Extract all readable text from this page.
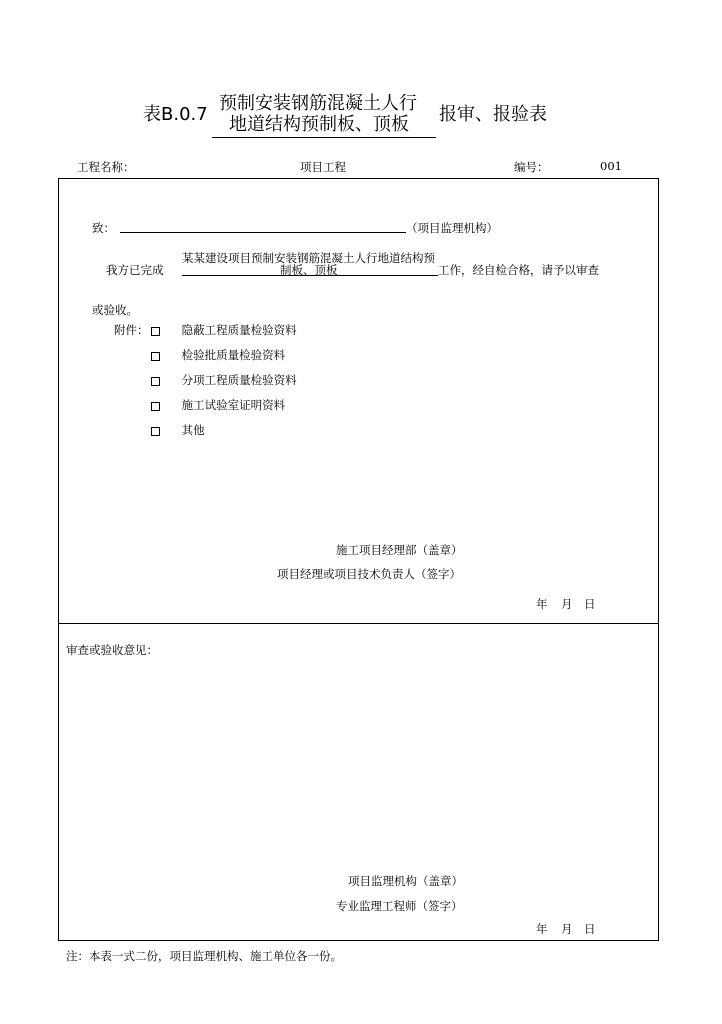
表B.0.7
预制安装钢筋混凝土人行
地道结构预制板、顶板 报审、报验表
工程名称：	项目工程	编号：	001
致：	（项目监理机构）
我方已完成
某某建设项目预制安装钢筋混凝土人行地道结构预
制板、顶板	工作，经自检合格，请予以审查
或验收。
附件：	隐蔽工程质量检验资料
检验批质量检验资料
分项工程质量检验资料
施工试验室证明资料
其他
施工项目经理部（盖章）
项目经理或项目技术负责人（签字）
年 月 日
审查或验收意见：
项目监理机构（盖章）
专业监理工程师（签字）
年 月 日
注：本表一式二份，项目监理机构、施工单位各一份。
